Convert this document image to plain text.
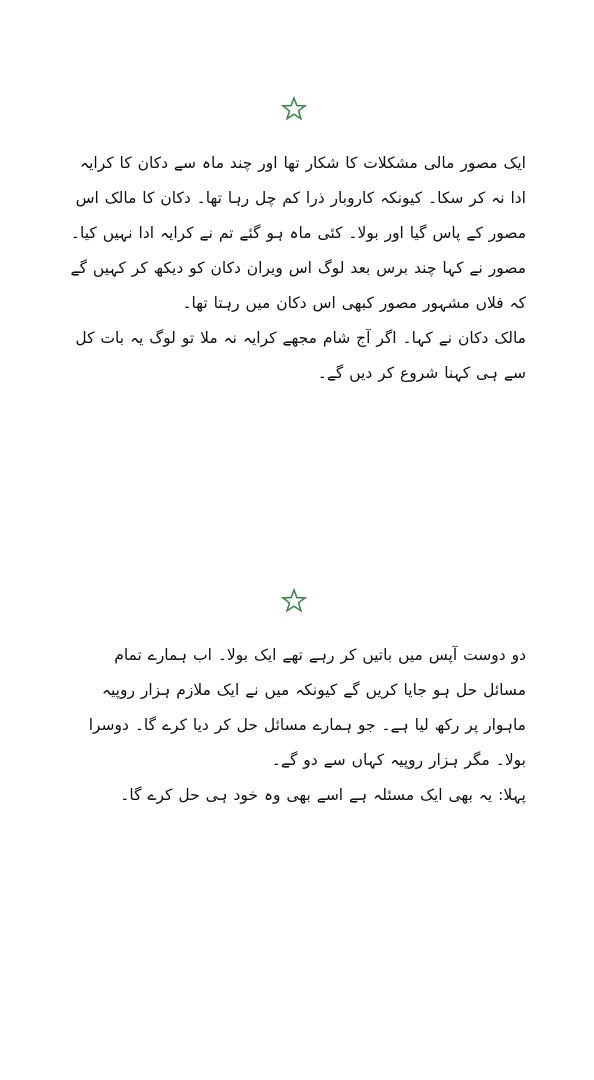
ایک مصور مالی مشکلات کا شکار تھا اور چند ماہ سے دکان کا کرایہ ادا نہ کر سکا۔ کیونکہ کاروبار ذرا کم چل رہا تھا۔ دکان کا مالک اس مصور کے پاس گیا اور بولا۔ کئی ماہ ہو گئے تم نے کرایہ ادا نہیں کیا۔ مصور نے کہا چند برس بعد لوگ اس ویران دکان کو دیکھ کر کہیں گے کہ فلاں مشہور مصور کبھی اس دکان میں رہتا تھا۔

مالک دکان نے کہا۔ اگر آج شام مجھے کرایہ نہ ملا تو لوگ یہ بات کل سے ہی کہنا شروع کر دیں گے۔

دو دوست آپس میں باتیں کر رہے تھے ایک بولا۔ اب ہمارے تمام مسائل حل ہو جایا کریں گے کیونکہ میں نے ایک ملازم ہزار روپیہ ماہوار پر رکھ لیا ہے۔ جو ہمارے مسائل حل کر دیا کرے گا۔ دوسرا بولا۔ مگر ہزار روپیہ کہاں سے دو گے۔

پہلا: یہ بھی ایک مسئلہ ہے اسے بھی وہ خود ہی حل کرے گا۔
